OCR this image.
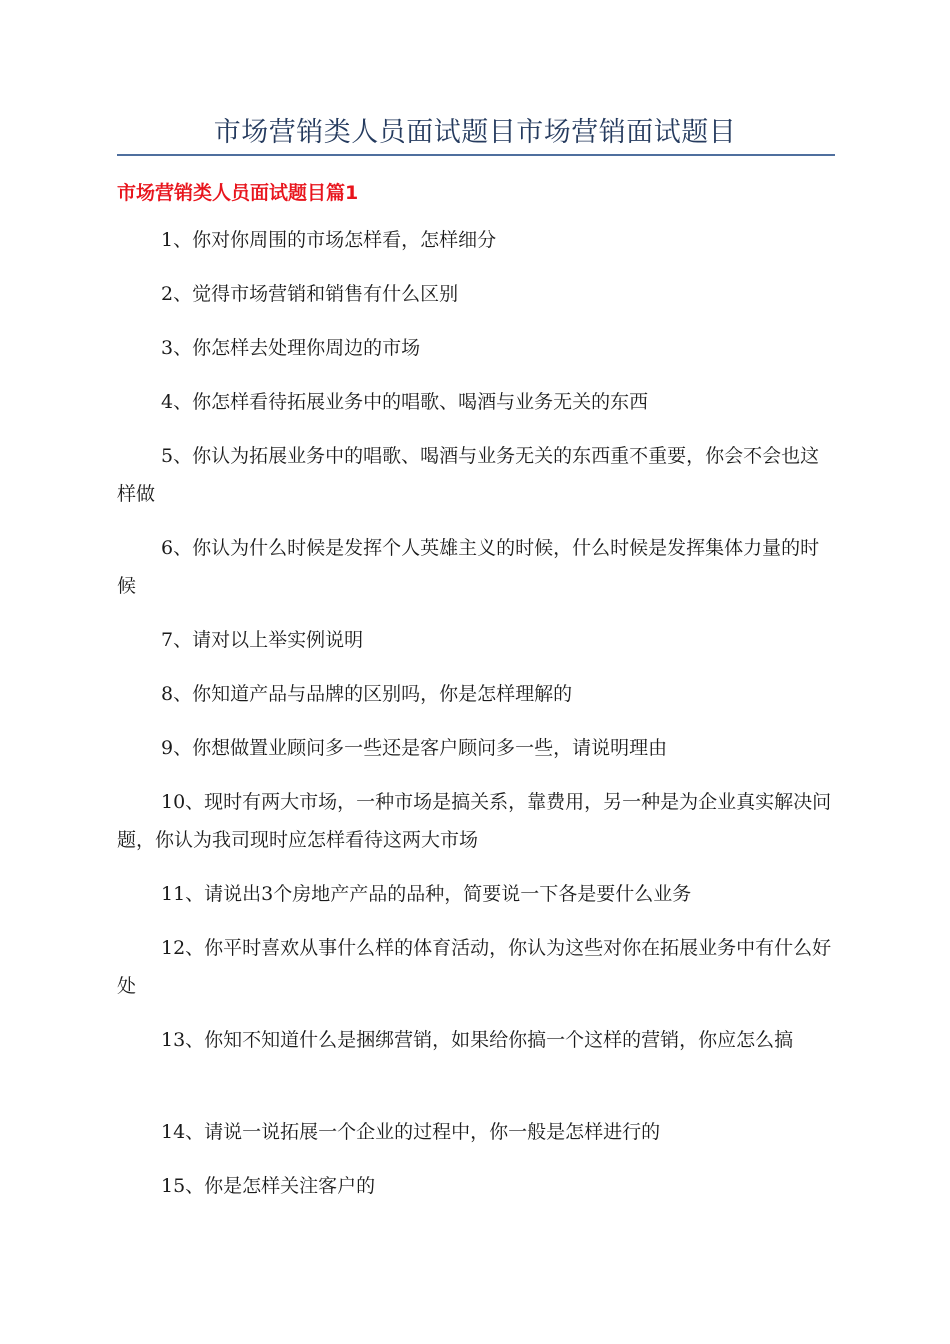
市场营销类人员面试题目市场营销面试题目
市场营销类人员面试题目篇1

1、你对你周围的市场怎样看，怎样细分

2、觉得市场营销和销售有什么区别

3、你怎样去处理你周边的市场

4、你怎样看待拓展业务中的唱歌、喝酒与业务无关的东西

5、你认为拓展业务中的唱歌、喝酒与业务无关的东西重不重要，你会不会也这样做

6、你认为什么时候是发挥个人英雄主义的时候，什么时候是发挥集体力量的时候

7、请对以上举实例说明

8、你知道产品与品牌的区别吗，你是怎样理解的

9、你想做置业顾问多一些还是客户顾问多一些，请说明理由

10、现时有两大市场，一种市场是搞关系，靠费用，另一种是为企业真实解决问题，你认为我司现时应怎样看待这两大市场

11、请说出3个房地产产品的品种，简要说一下各是要什么业务

12、你平时喜欢从事什么样的体育活动，你认为这些对你在拓展业务中有什么好处

13、你知不知道什么是捆绑营销，如果给你搞一个这样的营销，你应怎么搞

14、请说一说拓展一个企业的过程中，你一般是怎样进行的

15、你是怎样关注客户的
